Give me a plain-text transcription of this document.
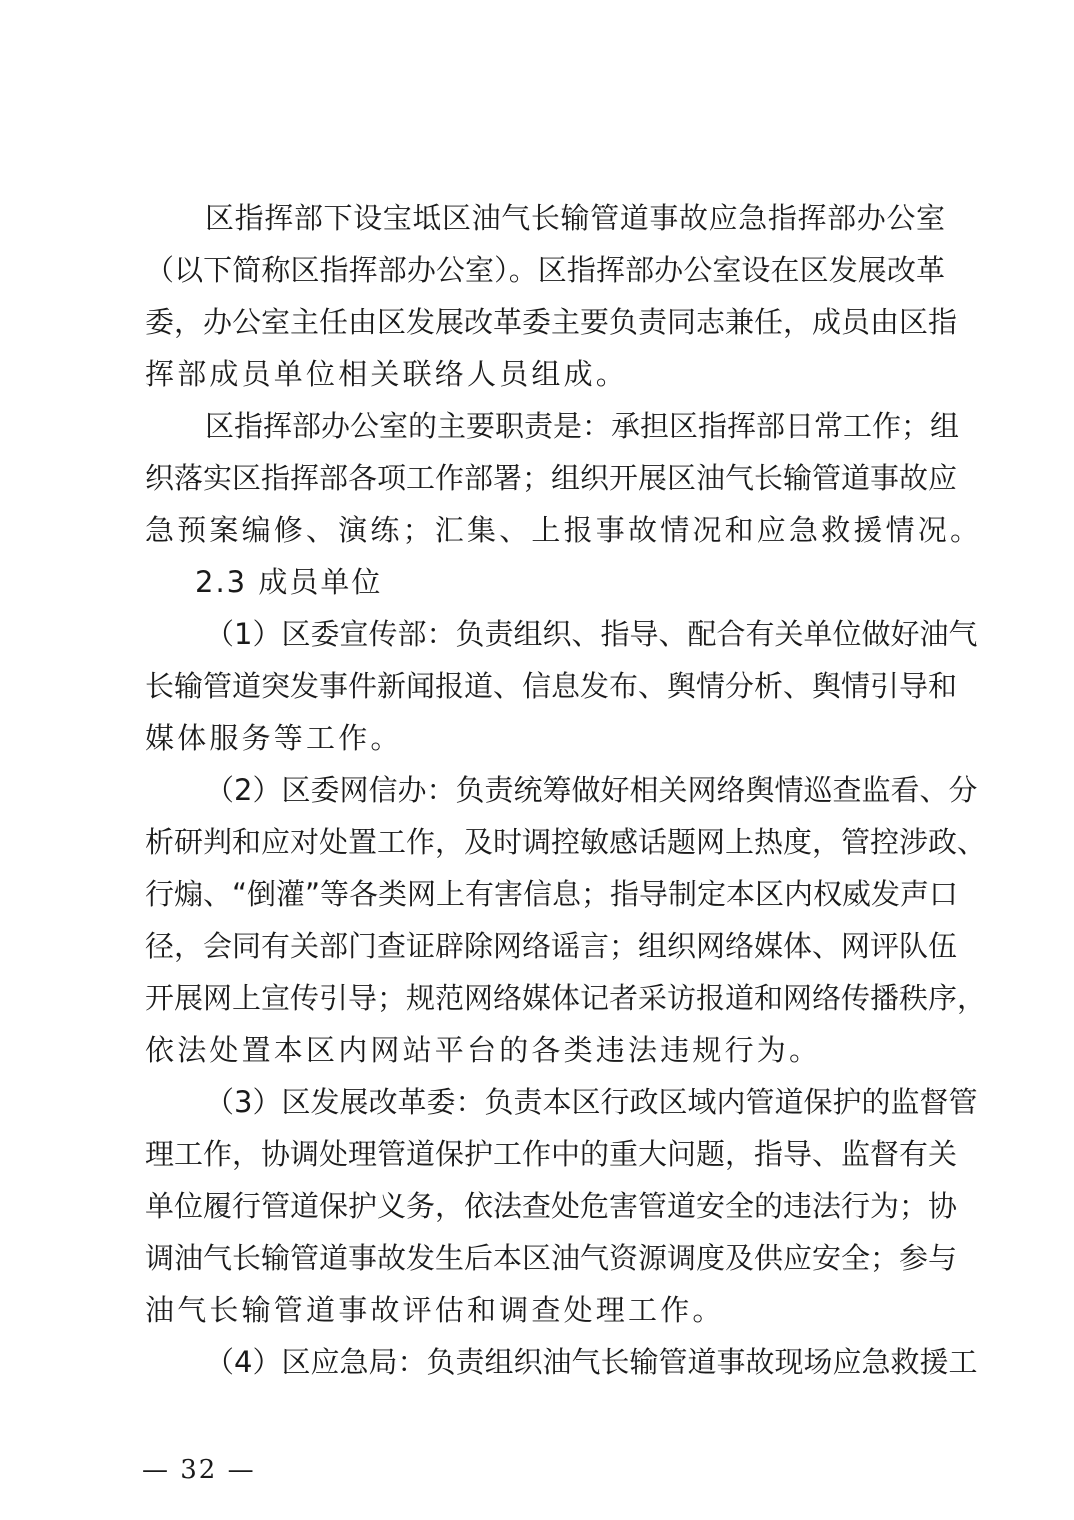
区指挥部下设宝坻区油气长输管道事故应急指挥部办公室
（以下简称区指挥部办公室）。区指挥部办公室设在区发展改革
委，办公室主任由区发展改革委主要负责同志兼任，成员由区指
挥部成员单位相关联络人员组成。
区指挥部办公室的主要职责是：承担区指挥部日常工作；组
织落实区指挥部各项工作部署；组织开展区油气长输管道事故应
急预案编修、演练；汇集、上报事故情况和应急救援情况。
2.3 成员单位
（1）区委宣传部：负责组织、指导、配合有关单位做好油气
长输管道突发事件新闻报道、信息发布、舆情分析、舆情引导和
媒体服务等工作。
（2）区委网信办：负责统筹做好相关网络舆情巡查监看、分
析研判和应对处置工作，及时调控敏感话题网上热度，管控涉政、
行煽、“倒灌”等各类网上有害信息；指导制定本区内权威发声口
径，会同有关部门查证辟除网络谣言；组织网络媒体、网评队伍
开展网上宣传引导；规范网络媒体记者采访报道和网络传播秩序，
依法处置本区内网站平台的各类违法违规行为。
（3）区发展改革委：负责本区行政区域内管道保护的监督管
理工作，协调处理管道保护工作中的重大问题，指导、监督有关
单位履行管道保护义务，依法查处危害管道安全的违法行为；协
调油气长输管道事故发生后本区油气资源调度及供应安全；参与
油气长输管道事故评估和调查处理工作。
（4）区应急局：负责组织油气长输管道事故现场应急救援工
— 32 —
